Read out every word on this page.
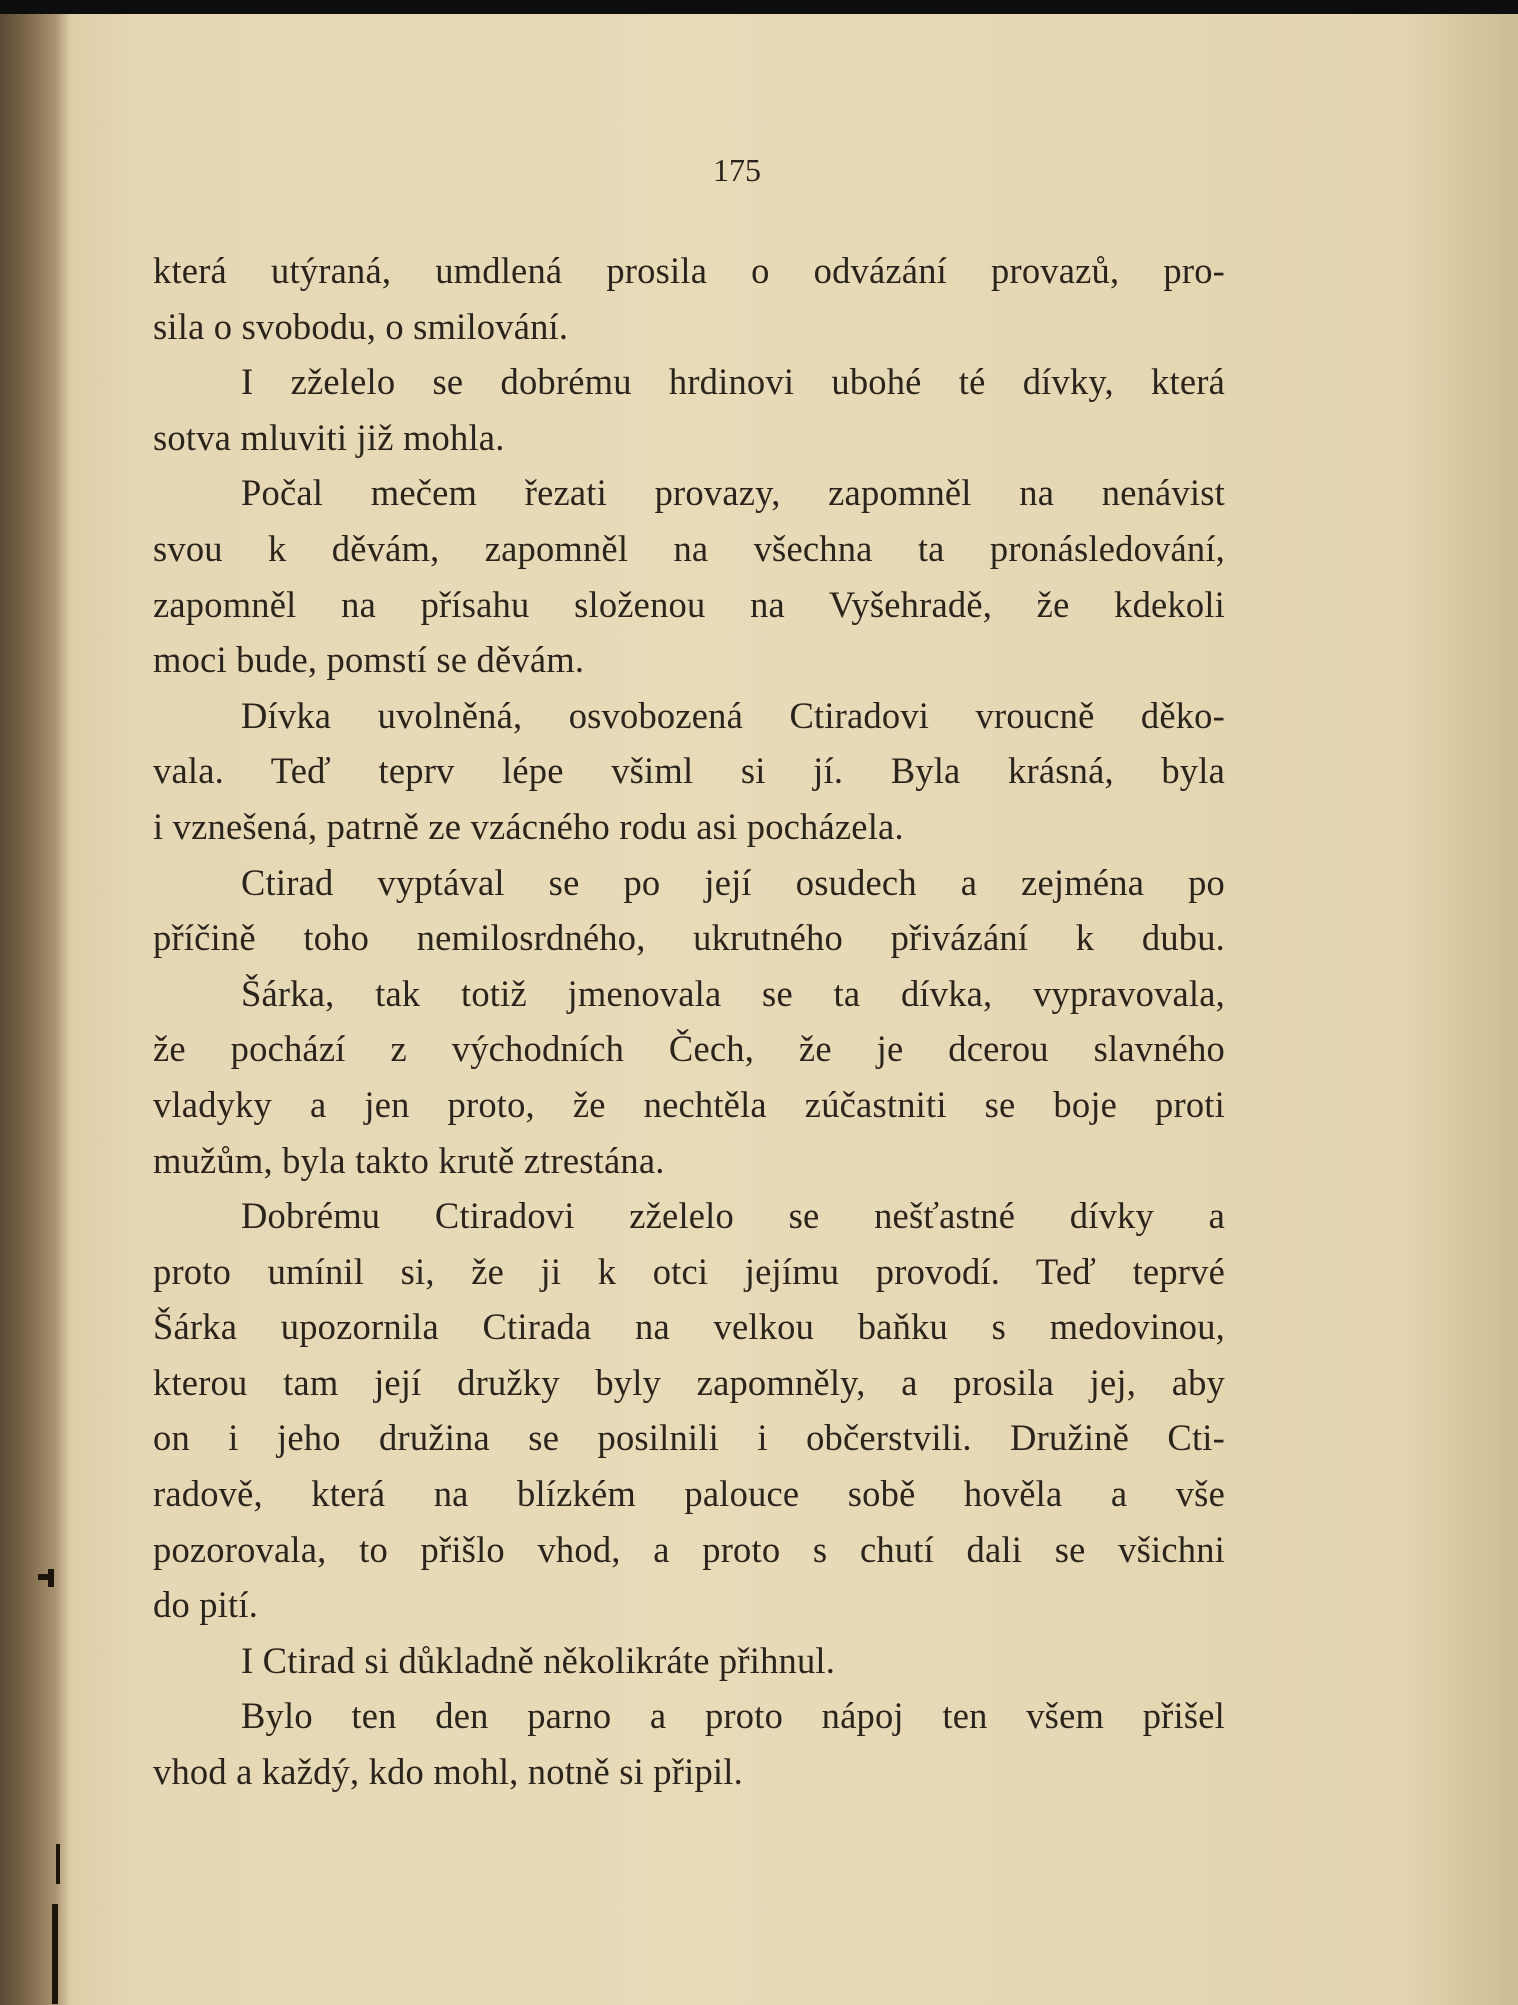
175
která utýraná, umdlená prosila o odvázání provazů, pro-
sila o svobodu, o smilování.
I zželelo se dobrému hrdinovi ubohé té dívky, která
sotva mluviti již mohla.
Počal mečem řezati provazy, zapomněl na nenávist
svou k děvám, zapomněl na všechna ta pronásledování,
zapomněl na přísahu složenou na Vyšehradě, že kdekoli
moci bude, pomstí se děvám.
Dívka uvolněná, osvobozená Ctiradovi vroucně děko-
vala. Teď teprv lépe všiml si jí. Byla krásná, byla
i vznešená, patrně ze vzácného rodu asi pocházela.
Ctirad vyptával se po její osudech a zejména po
příčině toho nemilosrdného, ukrutného přivázání k dubu.
Šárka, tak totiž jmenovala se ta dívka, vypravovala,
že pochází z východních Čech, že je dcerou slavného
vladyky a jen proto, že nechtěla zúčastniti se boje proti
mužům, byla takto krutě ztrestána.
Dobrému Ctiradovi zželelo se nešťastné dívky a
proto umínil si, že ji k otci jejímu provodí. Teď teprvé
Šárka upozornila Ctirada na velkou baňku s medovinou,
kterou tam její družky byly zapomněly, a prosila jej, aby
on i jeho družina se posilnili i občerstvili. Družině Cti-
radově, která na blízkém palouce sobě hověla a vše
pozorovala, to přišlo vhod, a proto s chutí dali se všichni
do pití.
I Ctirad si důkladně několikráte přihnul.
Bylo ten den parno a proto nápoj ten všem přišel
vhod a každý, kdo mohl, notně si připil.
